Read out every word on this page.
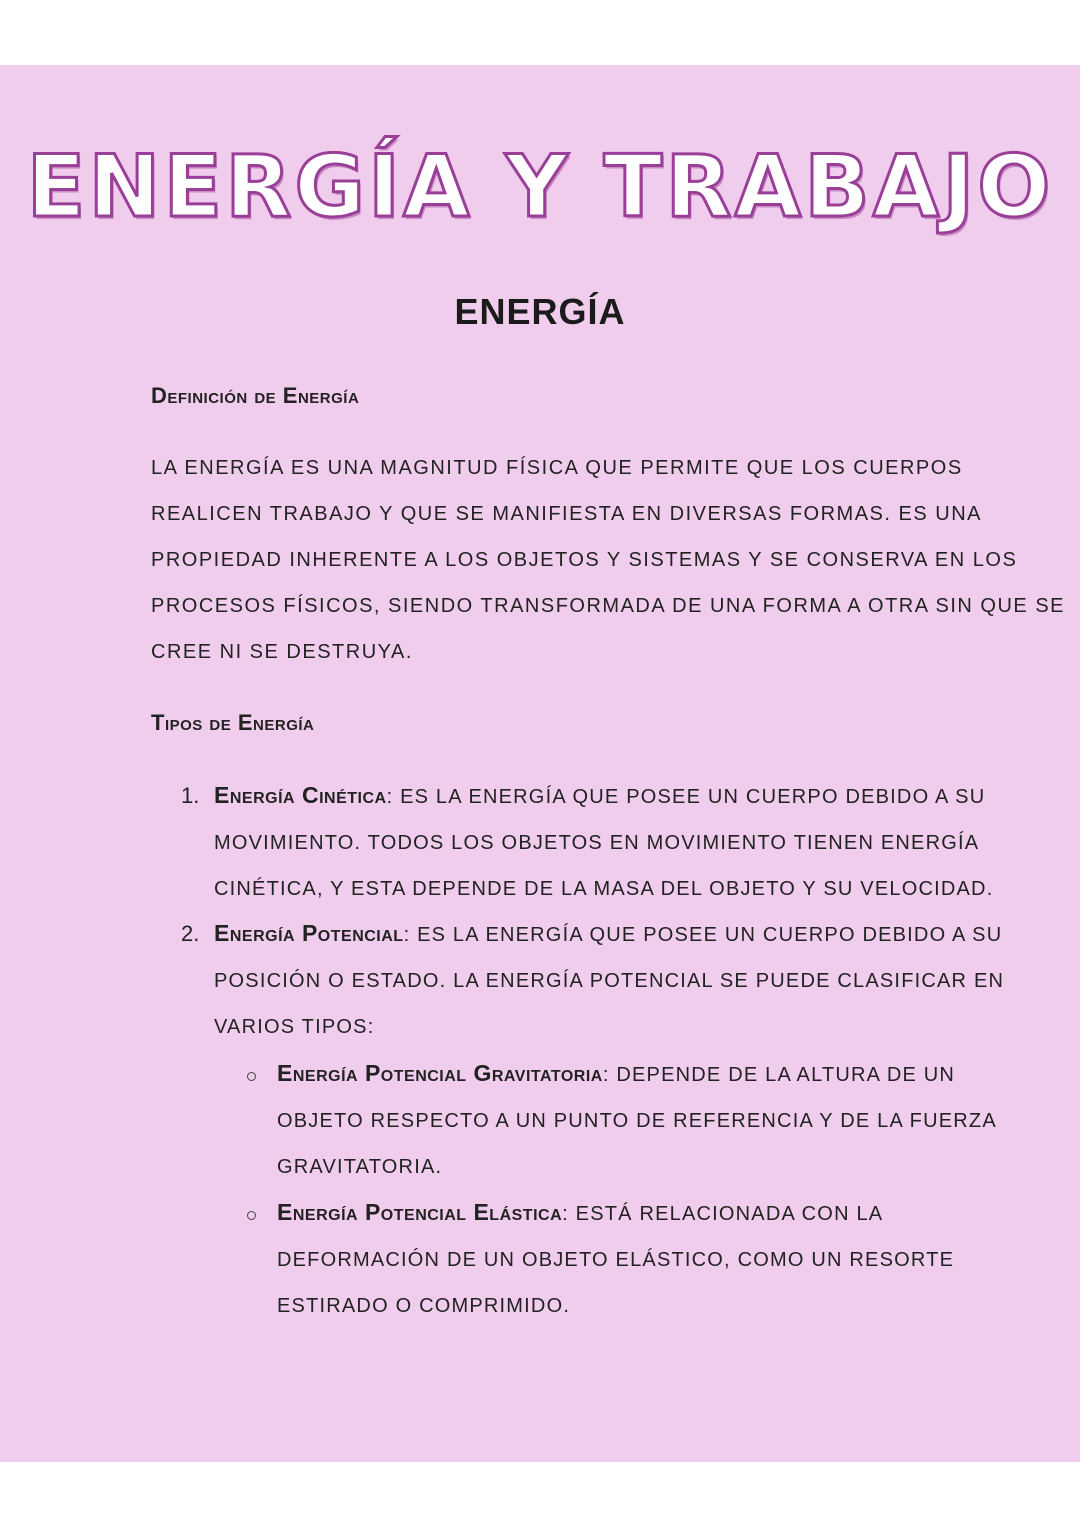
ENERGÍA Y TRABAJO
ENERGÍA
Definición de Energía
LA ENERGÍA ES UNA MAGNITUD FÍSICA QUE PERMITE QUE LOS CUERPOS
REALICEN TRABAJO Y QUE SE MANIFIESTA EN DIVERSAS FORMAS. ES UNA
PROPIEDAD INHERENTE A LOS OBJETOS Y SISTEMAS Y SE CONSERVA EN LOS
PROCESOS FÍSICOS, SIENDO TRANSFORMADA DE UNA FORMA A OTRA SIN QUE SE
CREE NI SE DESTRUYA.
Tipos de Energía
1. Energía Cinética: ES LA ENERGÍA QUE POSEE UN CUERPO DEBIDO A SU
MOVIMIENTO. TODOS LOS OBJETOS EN MOVIMIENTO TIENEN ENERGÍA
CINÉTICA, Y ESTA DEPENDE DE LA MASA DEL OBJETO Y SU VELOCIDAD.
2. Energía Potencial: ES LA ENERGÍA QUE POSEE UN CUERPO DEBIDO A SU
POSICIÓN O ESTADO. LA ENERGÍA POTENCIAL SE PUEDE CLASIFICAR EN
VARIOS TIPOS:
Energía Potencial Gravitatoria: DEPENDE DE LA ALTURA DE UN
OBJETO RESPECTO A UN PUNTO DE REFERENCIA Y DE LA FUERZA
GRAVITATORIA.
Energía Potencial Elástica: ESTÁ RELACIONADA CON LA
DEFORMACIÓN DE UN OBJETO ELÁSTICO, COMO UN RESORTE
ESTIRADO O COMPRIMIDO.
